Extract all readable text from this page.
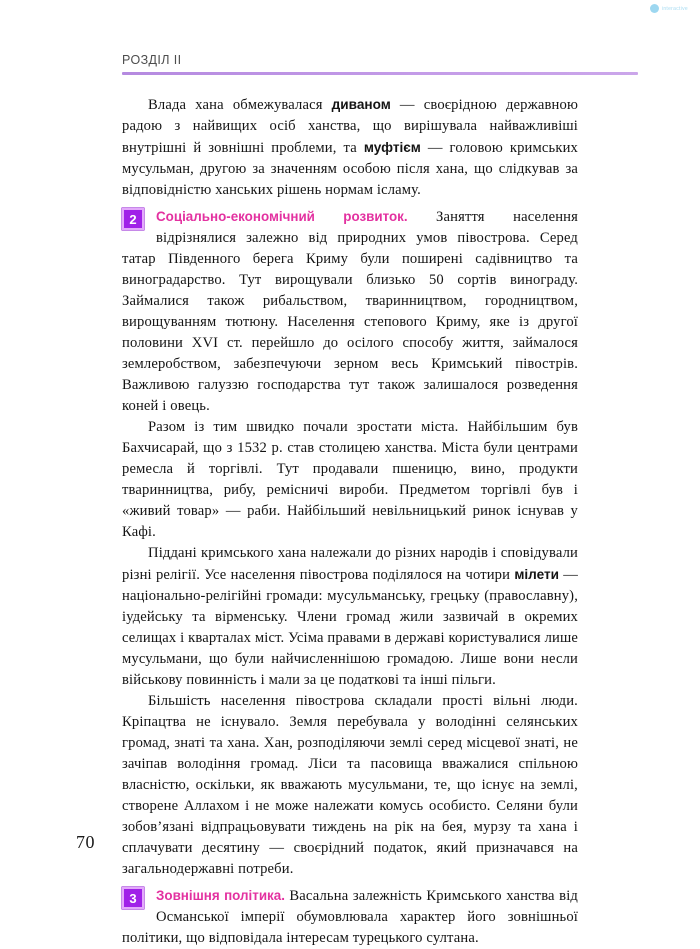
interactive
РОЗДІЛ II

Влада хана обмежувалася диваном — своєрідною державною радою з найвищих осіб ханства, що вирішувала найважливіші внутрішні й зовнішні проблеми, та муфтієм — головою кримських мусульман, другою за значенням особою після хана, що слідкував за відповідністю ханських рішень нормам ісламу.

2	Соціально-економічний розвиток. Заняття населення відрізнялися залежно від природних умов півострова. Серед татар Південного берега Криму були поширені садівництво та виноградарство. Тут вирощували близько 50 сортів винограду. Займалися також рибальством, тваринництвом, городництвом, вирощуванням тютюну. Населення степового Криму, яке із другої половини XVI ст. перейшло до осілого способу життя, займалося землеробством, забезпечуючи зерном весь Кримський півострів. Важливою галуззю господарства тут також залишалося розведення коней і овець.

Разом із тим швидко почали зростати міста. Найбільшим був Бахчисарай, що з 1532 р. став столицею ханства. Міста були центрами ремесла й торгівлі. Тут продавали пшеницю, вино, продукти тваринництва, рибу, ремісничі вироби. Предметом торгівлі був і «живий товар» — раби. Найбільший невільницький ринок існував у Кафі.

Піддані кримського хана належали до різних народів і сповідували різні релігії. Усе населення півострова поділялося на чотири мілети — національно-релігійні громади: мусульманську, грецьку (православну), іудейську та вірменську. Члени громад жили зазвичай в окремих селищах і кварталах міст. Усіма правами в державі користувалися лише мусульмани, що були найчисленнішою громадою. Лише вони несли військову повинність і мали за це податкові та інші пільги.

Більшість населення півострова складали прості вільні люди. Кріпацтва не існувало. Земля перебувала у володінні селянських громад, знаті та хана. Хан, розподіляючи землі серед місцевої знаті, не зачіпав володіння громад. Ліси та пасовища вважалися спільною власністю, оскільки, як вважають мусульмани, те, що існує на землі, створене Аллахом і не може належати комусь особисто. Селяни були зобов’язані відпрацьовувати тиждень на рік на бея, мурзу та хана і сплачувати десятину — своєрідний податок, який призначався на загальнодержавні потреби.

3	Зовнішня політика. Васальна залежність Кримського ханства від Османської імперії обумовлювала характер його зовнішньої політики, що відповідала інтересам турецького султана.
70
